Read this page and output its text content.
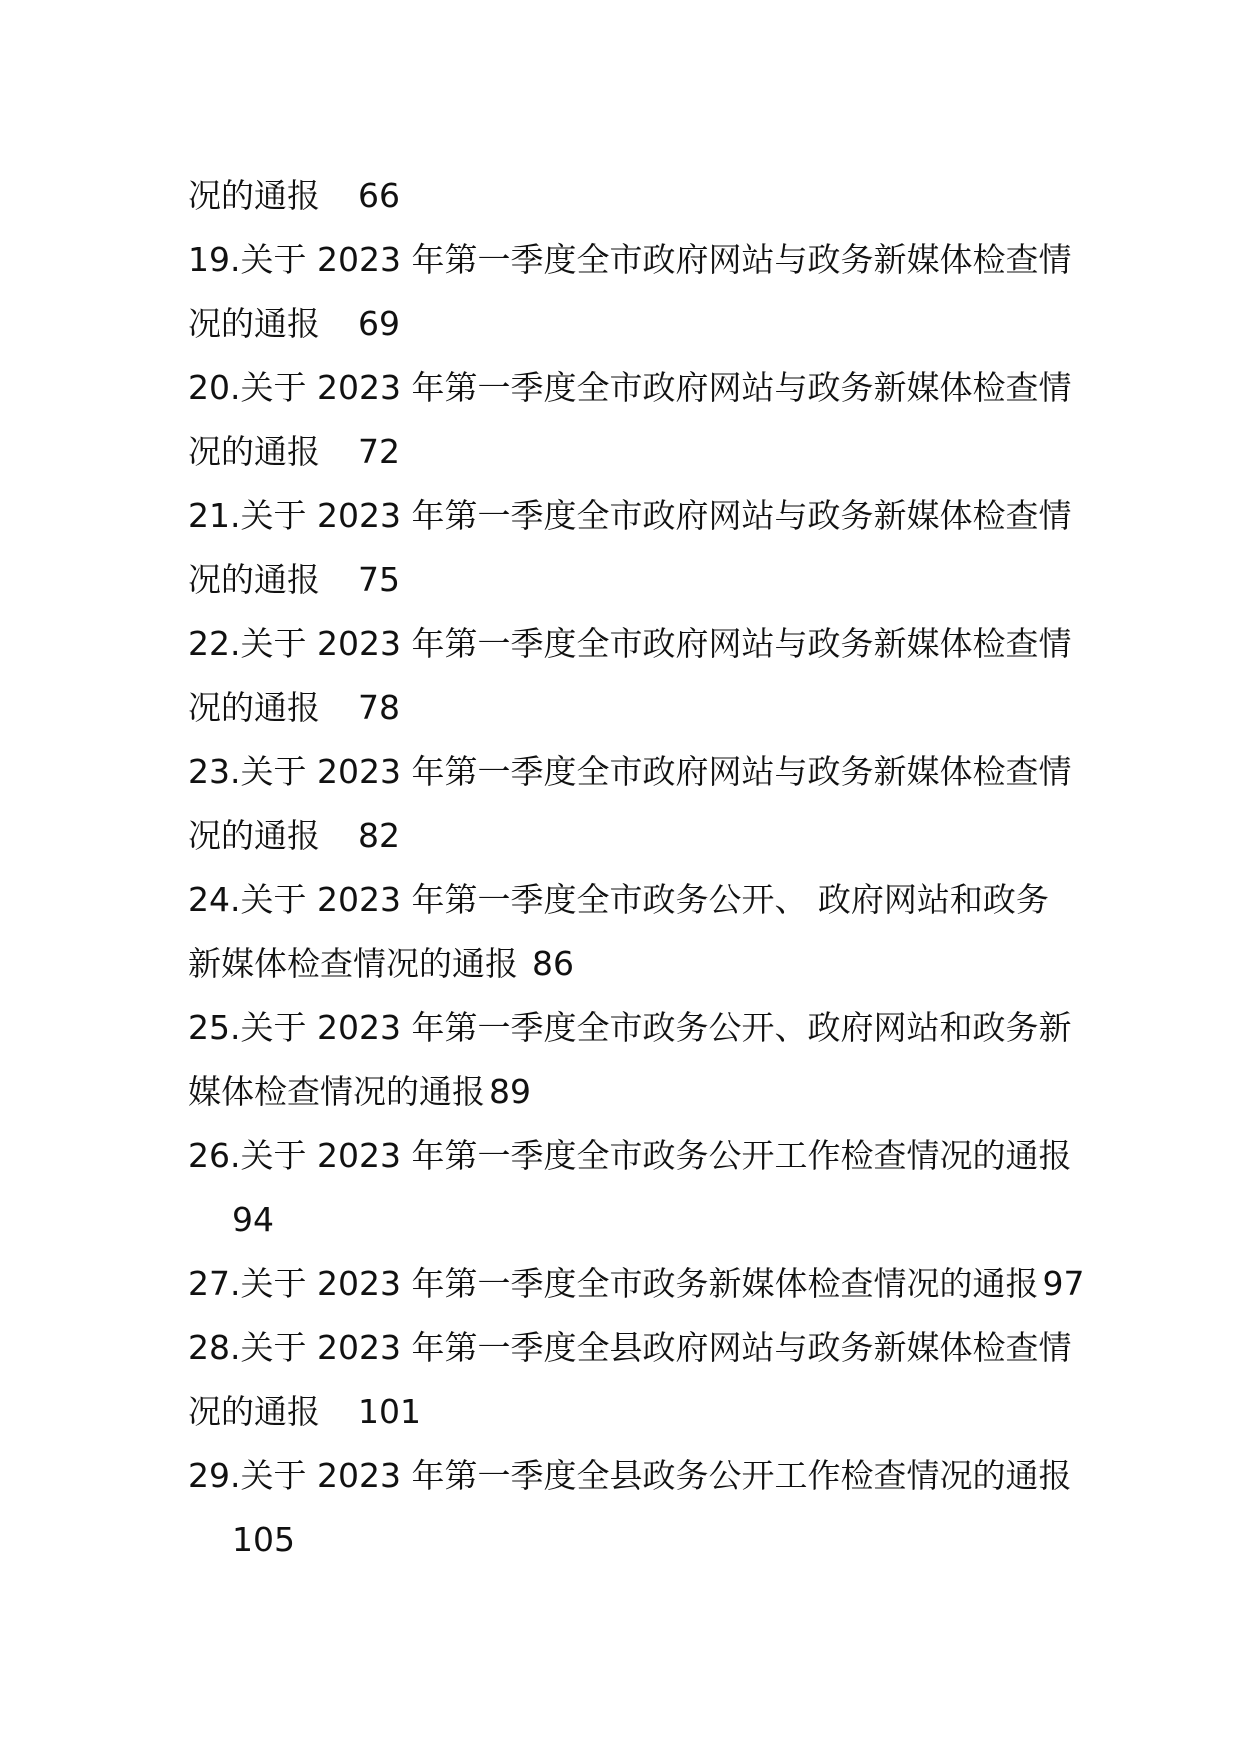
况的通报 66
19.关于 2023 年第一季度全市政府网站与政务新媒体检查情
况的通报 69
20.关于 2023 年第一季度全市政府网站与政务新媒体检查情
况的通报 72
21.关于 2023 年第一季度全市政府网站与政务新媒体检查情
况的通报 75
22.关于 2023 年第一季度全市政府网站与政务新媒体检查情
况的通报 78
23.关于 2023 年第一季度全市政府网站与政务新媒体检查情
况的通报 82
24.关于 2023 年第一季度全市政务公开、 政府网站和政务
新媒体检查情况的通报 86
25.关于 2023 年第一季度全市政务公开、政府网站和政务新
媒体检查情况的通报 89
26.关于 2023 年第一季度全市政务公开工作检查情况的通报
94
27.关于 2023 年第一季度全市政务新媒体检查情况的通报 97
28.关于 2023 年第一季度全县政府网站与政务新媒体检查情
况的通报 101
29.关于 2023 年第一季度全县政务公开工作检查情况的通报
105
